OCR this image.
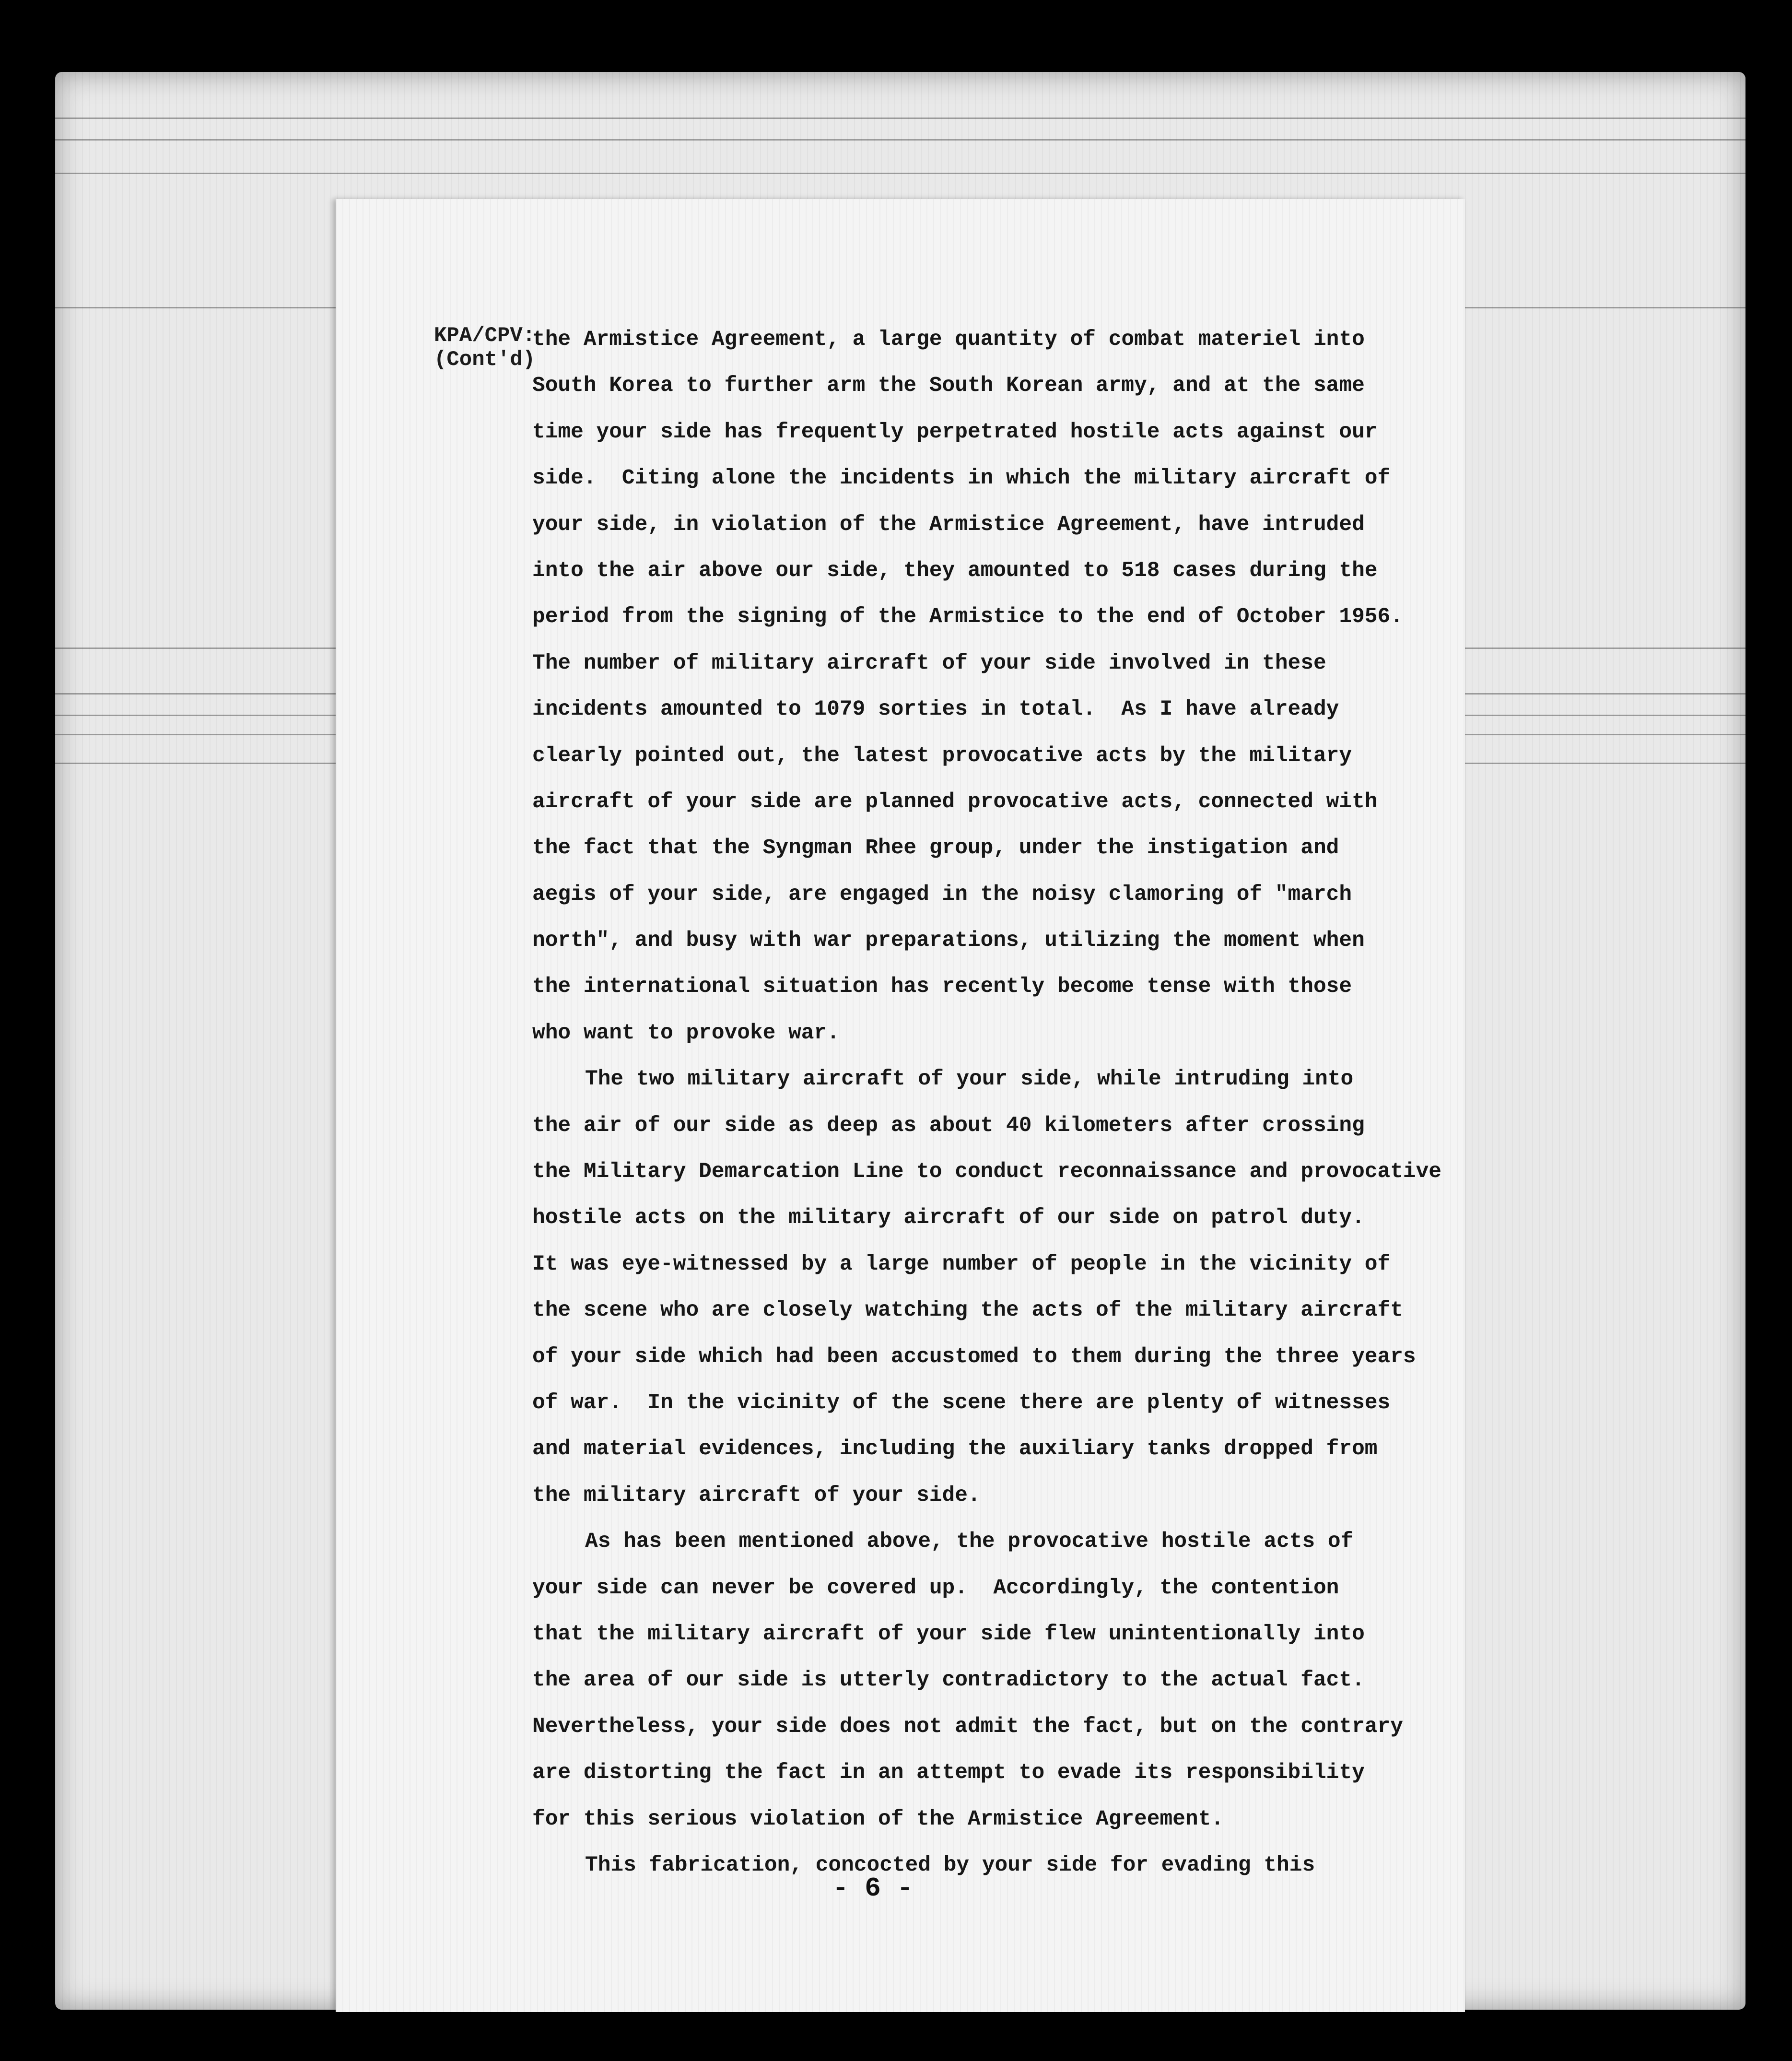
KPA/CPV:
(Cont'd)
the Armistice Agreement, a large quantity of combat materiel into
South Korea to further arm the South Korean army, and at the same
time your side has frequently perpetrated hostile acts against our
side.  Citing alone the incidents in which the military aircraft of
your side, in violation of the Armistice Agreement, have intruded
into the air above our side, they amounted to 518 cases during the
period from the signing of the Armistice to the end of October 1956.
The number of military aircraft of your side involved in these
incidents amounted to 1079 sorties in total.  As I have already
clearly pointed out, the latest provocative acts by the military
aircraft of your side are planned provocative acts, connected with
the fact that the Syngman Rhee group, under the instigation and
aegis of your side, are engaged in the noisy clamoring of "march
north", and busy with war preparations, utilizing the moment when
the international situation has recently become tense with those
who want to provoke war.
The two military aircraft of your side, while intruding into
the air of our side as deep as about 40 kilometers after crossing
the Military Demarcation Line to conduct reconnaissance and provocative
hostile acts on the military aircraft of our side on patrol duty.
It was eye-witnessed by a large number of people in the vicinity of
the scene who are closely watching the acts of the military aircraft
of your side which had been accustomed to them during the three years
of war.  In the vicinity of the scene there are plenty of witnesses
and material evidences, including the auxiliary tanks dropped from
the military aircraft of your side.
As has been mentioned above, the provocative hostile acts of
your side can never be covered up.  Accordingly, the contention
that the military aircraft of your side flew unintentionally into
the area of our side is utterly contradictory to the actual fact.
Nevertheless, your side does not admit the fact, but on the contrary
are distorting the fact in an attempt to evade its responsibility
for this serious violation of the Armistice Agreement.
This fabrication, concocted by your side for evading this
- 6 -
